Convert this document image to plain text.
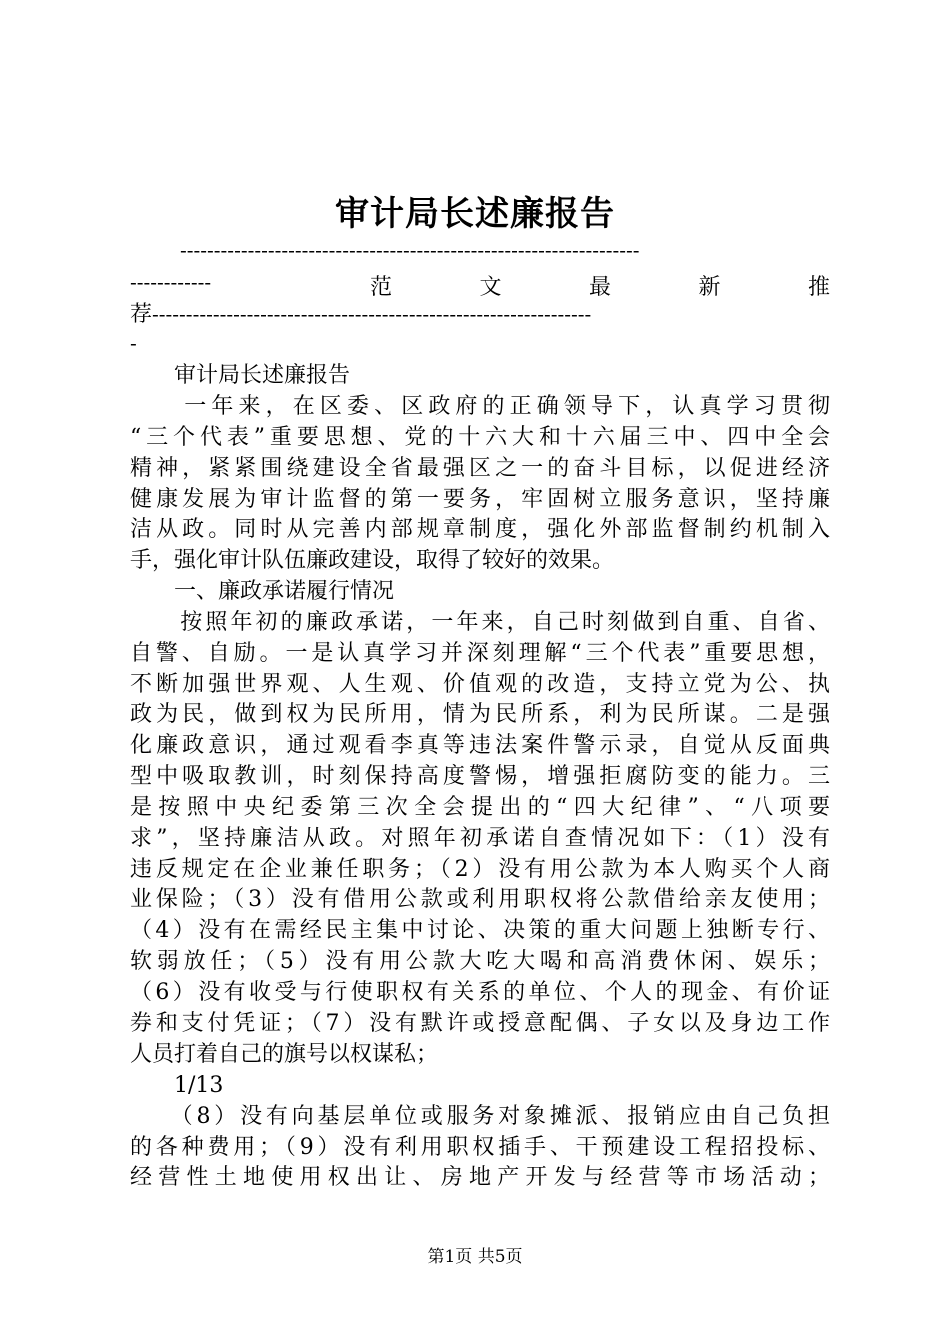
审计局长述廉报告
--------------------------------------------------------------------
------------	范	文	最	新	推
荐-----------------------------------------------------------------
-
　　审计局长述廉报告
　　一年来，在区委、区政府的正确领导下，认真学习贯彻
“三个代表”重要思想、党的十六大和十六届三中、四中全会
精神，紧紧围绕建设全省最强区之一的奋斗目标，以促进经济
健康发展为审计监督的第一要务，牢固树立服务意识，坚持廉
洁从政。同时从完善内部规章制度，强化外部监督制约机制入
手，强化审计队伍廉政建设，取得了较好的效果。
　　一、廉政承诺履行情况
　　按照年初的廉政承诺，一年来，自己时刻做到自重、自省、
自警、自励。一是认真学习并深刻理解“三个代表”重要思想，
不断加强世界观、人生观、价值观的改造，支持立党为公、执
政为民，做到权为民所用，情为民所系，利为民所谋。二是强
化廉政意识，通过观看李真等违法案件警示录，自觉从反面典
型中吸取教训，时刻保持高度警惕，增强拒腐防变的能力。三
是按照中央纪委第三次全会提出的“四大纪律”、“八项要
求”，坚持廉洁从政。对照年初承诺自查情况如下：（1）没有
违反规定在企业兼任职务；（2）没有用公款为本人购买个人商
业保险；（3）没有借用公款或利用职权将公款借给亲友使用；
（4）没有在需经民主集中讨论、决策的重大问题上独断专行、
软弱放任；（5）没有用公款大吃大喝和高消费休闲、娱乐；
（6）没有收受与行使职权有关系的单位、个人的现金、有价证
券和支付凭证；（7）没有默许或授意配偶、子女以及身边工作
人员打着自己的旗号以权谋私；
　　1/13
　　（8）没有向基层单位或服务对象摊派、报销应由自己负担
的各种费用；（9）没有利用职权插手、干预建设工程招投标、
经营性土地使用权出让、房地产开发与经营等市场活动；
第1页 共5页
